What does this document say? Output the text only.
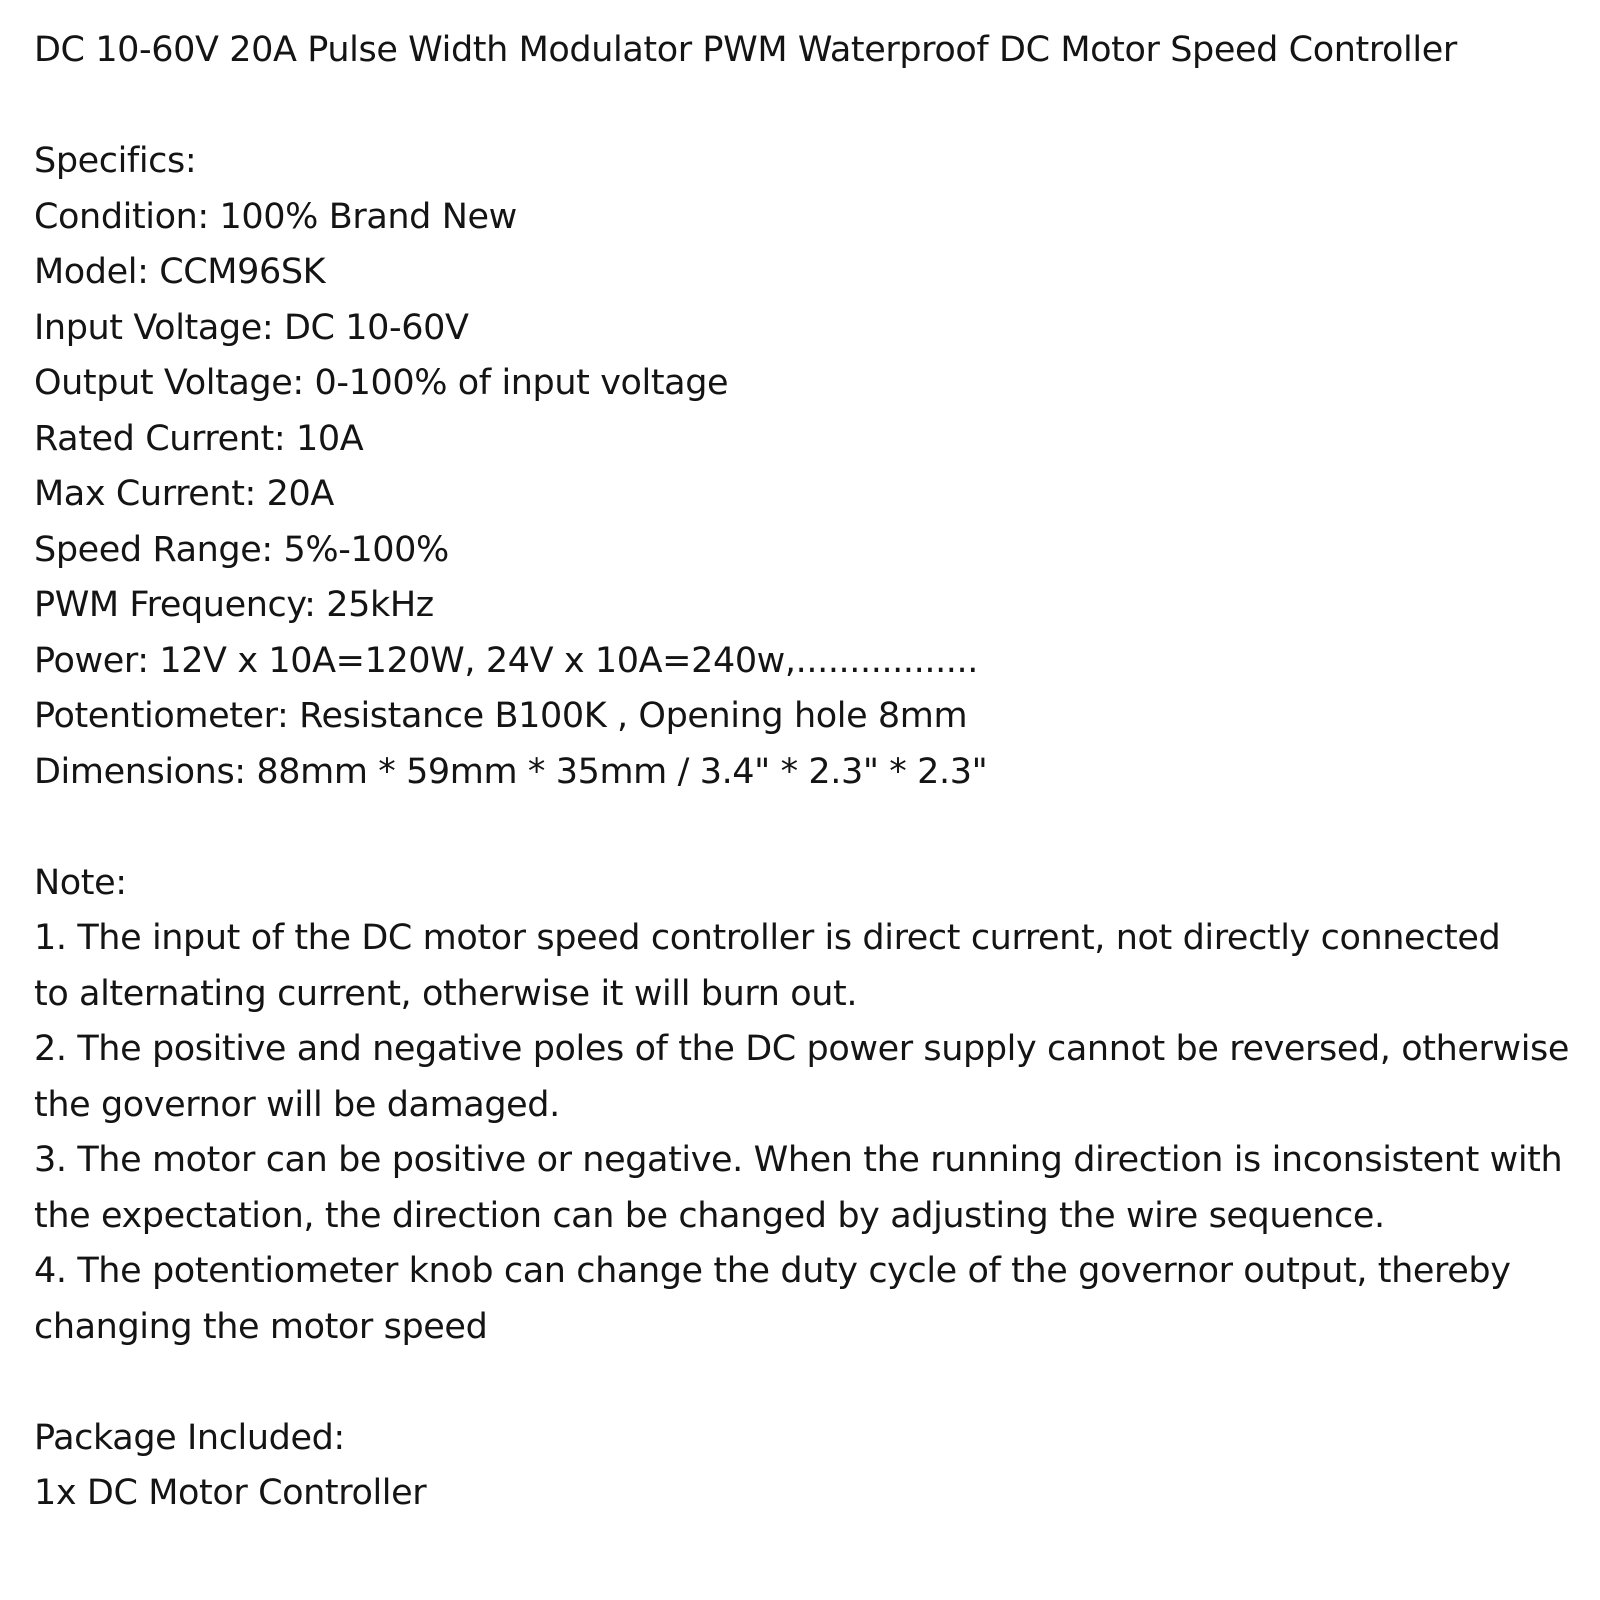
DC 10-60V 20A Pulse Width Modulator PWM Waterproof DC Motor Speed Controller
Specifics:
Condition: 100% Brand New
Model: CCM96SK
Input Voltage: DC 10-60V
Output Voltage: 0-100% of input voltage
Rated Current: 10A
Max Current: 20A
Speed Range: 5%-100%
PWM Frequency: 25kHz
Power: 12V x 10A=120W, 24V x 10A=240w,.................
Potentiometer: Resistance B100K , Opening hole 8mm
Dimensions: 88mm * 59mm * 35mm / 3.4" * 2.3" * 2.3"
Note:
1. The input of the DC motor speed controller is direct current, not directly connected
to alternating current, otherwise it will burn out.
2. The positive and negative poles of the DC power supply cannot be reversed, otherwise
the governor will be damaged.
3. The motor can be positive or negative. When the running direction is inconsistent with
the expectation, the direction can be changed by adjusting the wire sequence.
4. The potentiometer knob can change the duty cycle of the governor output, thereby
changing the motor speed
Package Included:
1x DC Motor Controller
